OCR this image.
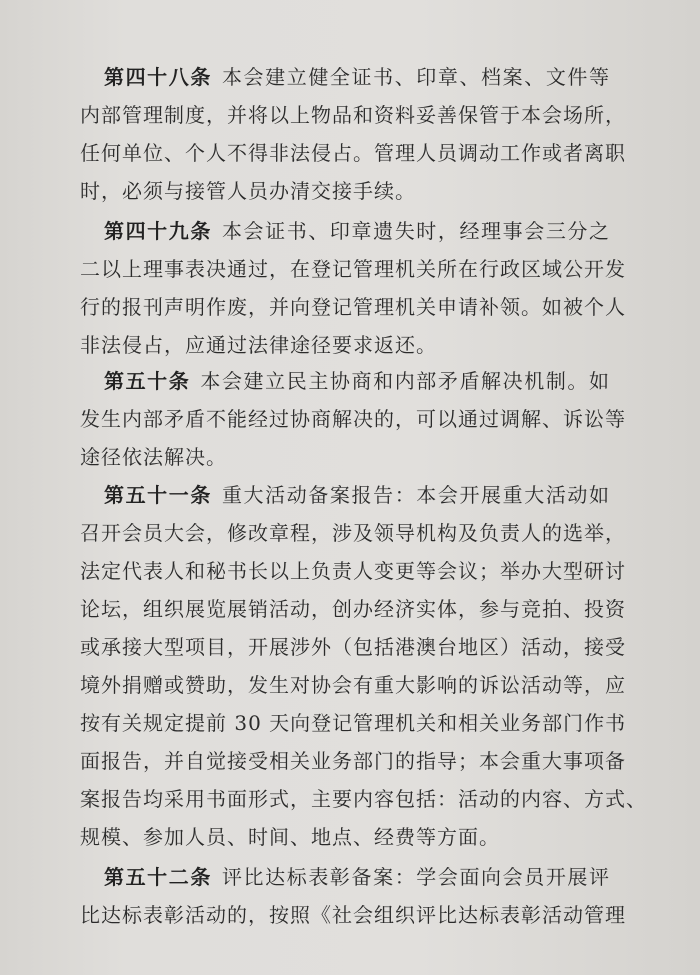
第四十八条 本会建立健全证书、印章、档案、文件等
内部管理制度，并将以上物品和资料妥善保管于本会场所，
任何单位、个人不得非法侵占。管理人员调动工作或者离职
时，必须与接管人员办清交接手续。
第四十九条 本会证书、印章遗失时，经理事会三分之
二以上理事表决通过，在登记管理机关所在行政区域公开发
行的报刊声明作废，并向登记管理机关申请补领。如被个人
非法侵占，应通过法律途径要求返还。
第五十条 本会建立民主协商和内部矛盾解决机制。如
发生内部矛盾不能经过协商解决的，可以通过调解、诉讼等
途径依法解决。
第五十一条 重大活动备案报告：本会开展重大活动如
召开会员大会，修改章程，涉及领导机构及负责人的选举，
法定代表人和秘书长以上负责人变更等会议；举办大型研讨
论坛，组织展览展销活动，创办经济实体，参与竞拍、投资
或承接大型项目，开展涉外（包括港澳台地区）活动，接受
境外捐赠或赞助，发生对协会有重大影响的诉讼活动等，应
按有关规定提前 30 天向登记管理机关和相关业务部门作书
面报告，并自觉接受相关业务部门的指导；本会重大事项备
案报告均采用书面形式，主要内容包括：活动的内容、方式、
规模、参加人员、时间、地点、经费等方面。
第五十二条 评比达标表彰备案：学会面向会员开展评
比达标表彰活动的，按照《社会组织评比达标表彰活动管理
